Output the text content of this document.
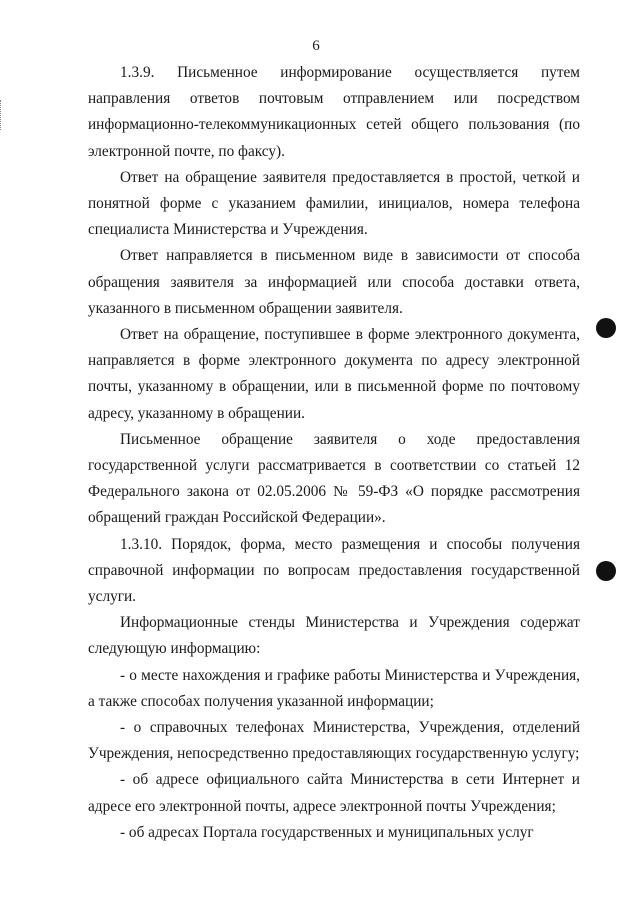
6

1.3.9. Письменное информирование осуществляется путем направления ответов почтовым отправлением или посредством информационно-телекоммуникационных сетей общего пользования (по электронной почте, по факсу).

Ответ на обращение заявителя предоставляется в простой, четкой и понятной форме с указанием фамилии, инициалов, номера телефона специалиста Министерства и Учреждения.

Ответ направляется в письменном виде в зависимости от способа обращения заявителя за информацией или способа доставки ответа, указанного в письменном обращении заявителя.

Ответ на обращение, поступившее в форме электронного документа, направляется в форме электронного документа по адресу электронной почты, указанному в обращении, или в письменной форме по почтовому адресу, указанному в обращении.

Письменное обращение заявителя о ходе предоставления государственной услуги рассматривается в соответствии со статьей 12 Федерального закона от 02.05.2006 № 59-ФЗ «О порядке рассмотрения обращений граждан Российской Федерации».

1.3.10. Порядок, форма, место размещения и способы получения справочной информации по вопросам предоставления государственной услуги.

Информационные стенды Министерства и Учреждения содержат следующую информацию:

- о месте нахождения и графике работы Министерства и Учреждения, а также способах получения указанной информации;

- о справочных телефонах Министерства, Учреждения, отделений Учреждения, непосредственно предоставляющих государственную услугу;

- об адресе официального сайта Министерства в сети Интернет и адресе его электронной почты, адресе электронной почты Учреждения;

- об адресах Портала государственных и муниципальных услуг
